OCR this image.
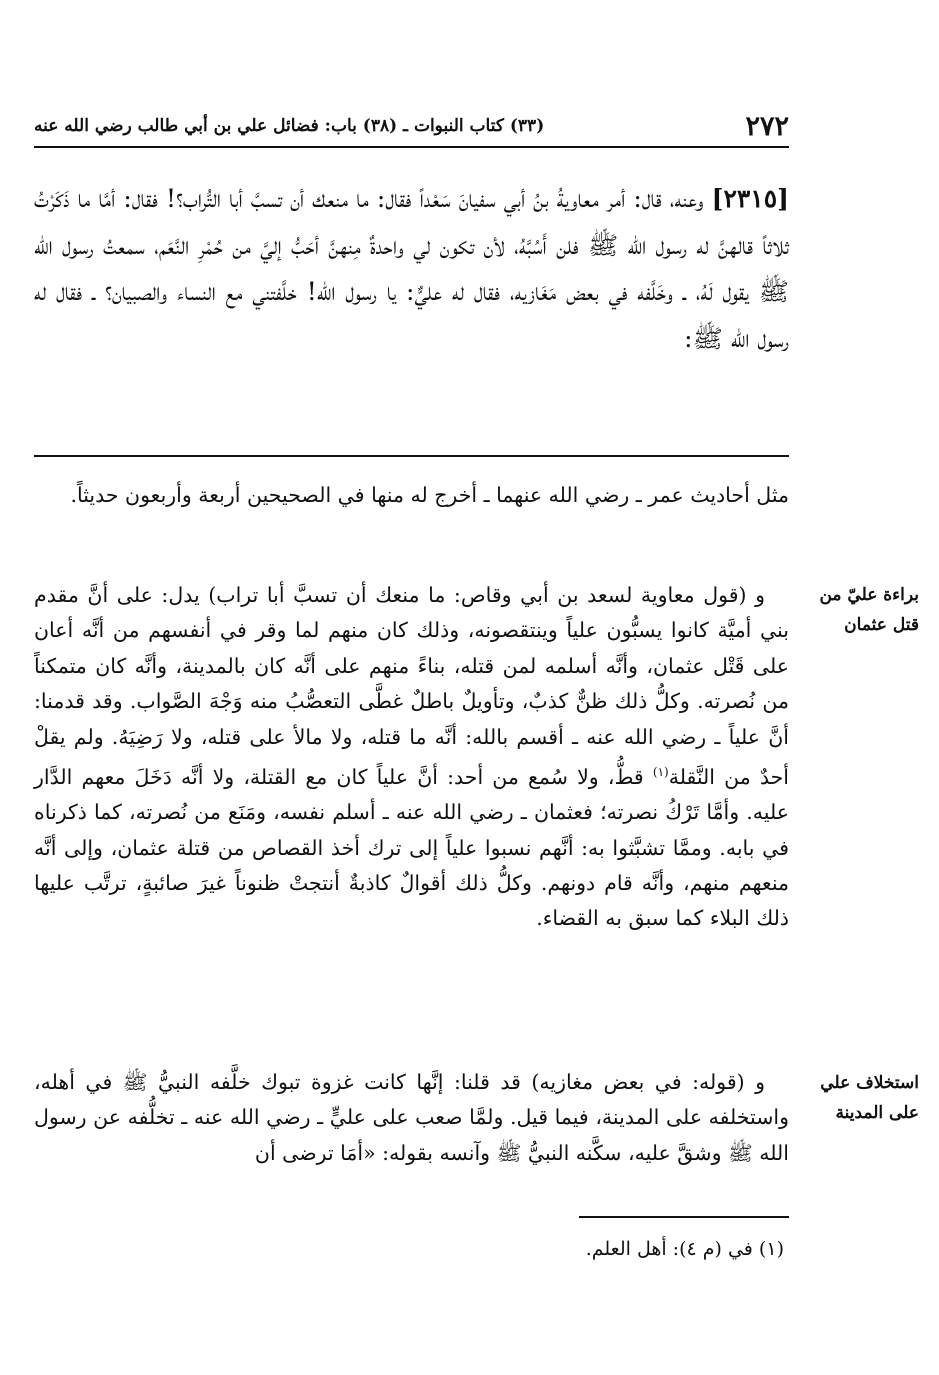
٢٧٢
(٣٣) كتاب النبوات ـ (٣٨) باب: فضائل علي بن أبي طالب رضي الله عنه
[٢٣١٥] وعنه، قال: أمر معاويةُ بنُ أبي سفيانَ سَعْداً فقال: ما منعك أن تسبَّ أبا التُّراب؟! فقال: أمَّا ما ذَكَرْتُ ثلاثاً قالهنَّ له رسول الله ﷺ فلن أَسُبَّهُ، لأن تكون لي واحدةٌ مِنهنَّ أحَبُّ إليَّ من حُمْرِ النَّعَم، سمعتُ رسول الله ﷺ يقول لَهُ، ـ وخَلَّفه في بعض مَغَازيه، فقال له عليٌّ: يا رسول الله! خلَّفتني مع النساء والصبيان؟ ـ فقال له رسول الله ﷺ:
مثل أحاديث عمر ـ رضي الله عنهما ـ أخرج له منها في الصحيحين أربعة وأربعون حديثاً.
براءة عليّ من قتل عثمان
و (قول معاوية لسعد بن أبي وقاص: ما منعك أن تسبَّ أبا تراب) يدل: على أنَّ مقدم بني أميَّة كانوا يسبُّون علياً وينتقصونه، وذلك كان منهم لما وقر في أنفسهم من أنَّه أعان على قَتْل عثمان، وأنَّه أسلمه لمن قتله، بناءً منهم على أنَّه كان بالمدينة، وأنَّه كان متمكناً من نُصرته. وكلُّ ذلك ظنٌّ كذبٌ، وتأويلٌ باطلٌ غطَّى التعصُّبُ منه وَجْهَ الصَّواب. وقد قدمنا: أنَّ علياً ـ رضي الله عنه ـ أقسم بالله: أنَّه ما قتله، ولا مالأ على قتله، ولا رَضِيَهُ. ولم يقلْ أحدٌ من النَّقلة$^{(١)}$ قطُّ، ولا سُمع من أحد: أنَّ علياً كان مع القتلة، ولا أنَّه دَخَلَ معهم الدَّار عليه. وأمَّا تَرْكُ نصرته؛ فعثمان ـ رضي الله عنه ـ أسلم نفسه، ومَنَع من نُصرته، كما ذكرناه في بابه. وممَّا تشبَّثوا به: أنَّهم نسبوا علياً إلى ترك أخذ القصاص من قتلة عثمان، وإلى أنَّه منعهم منهم، وأنَّه قام دونهم. وكلُّ ذلك أقوالٌ كاذبةٌ أنتجتْ ظنوناً غيرَ صائبةٍ، ترتَّب عليها ذلك البلاء كما سبق به القضاء.
استخلاف علي على المدينة
و (قوله: في بعض مغازيه) قد قلنا: إنَّها كانت غزوة تبوك خلَّفه النبيُّ ﷺ في أهله، واستخلفه على المدينة، فيما قيل. ولمَّا صعب على عليٍّ ـ رضي الله عنه ـ تخلُّفه عن رسول الله ﷺ وشقَّ عليه، سكَّنه النبيُّ ﷺ وآنسه بقوله: «أمَا ترضى أن
(١) في (م ٤): أهل العلم.
